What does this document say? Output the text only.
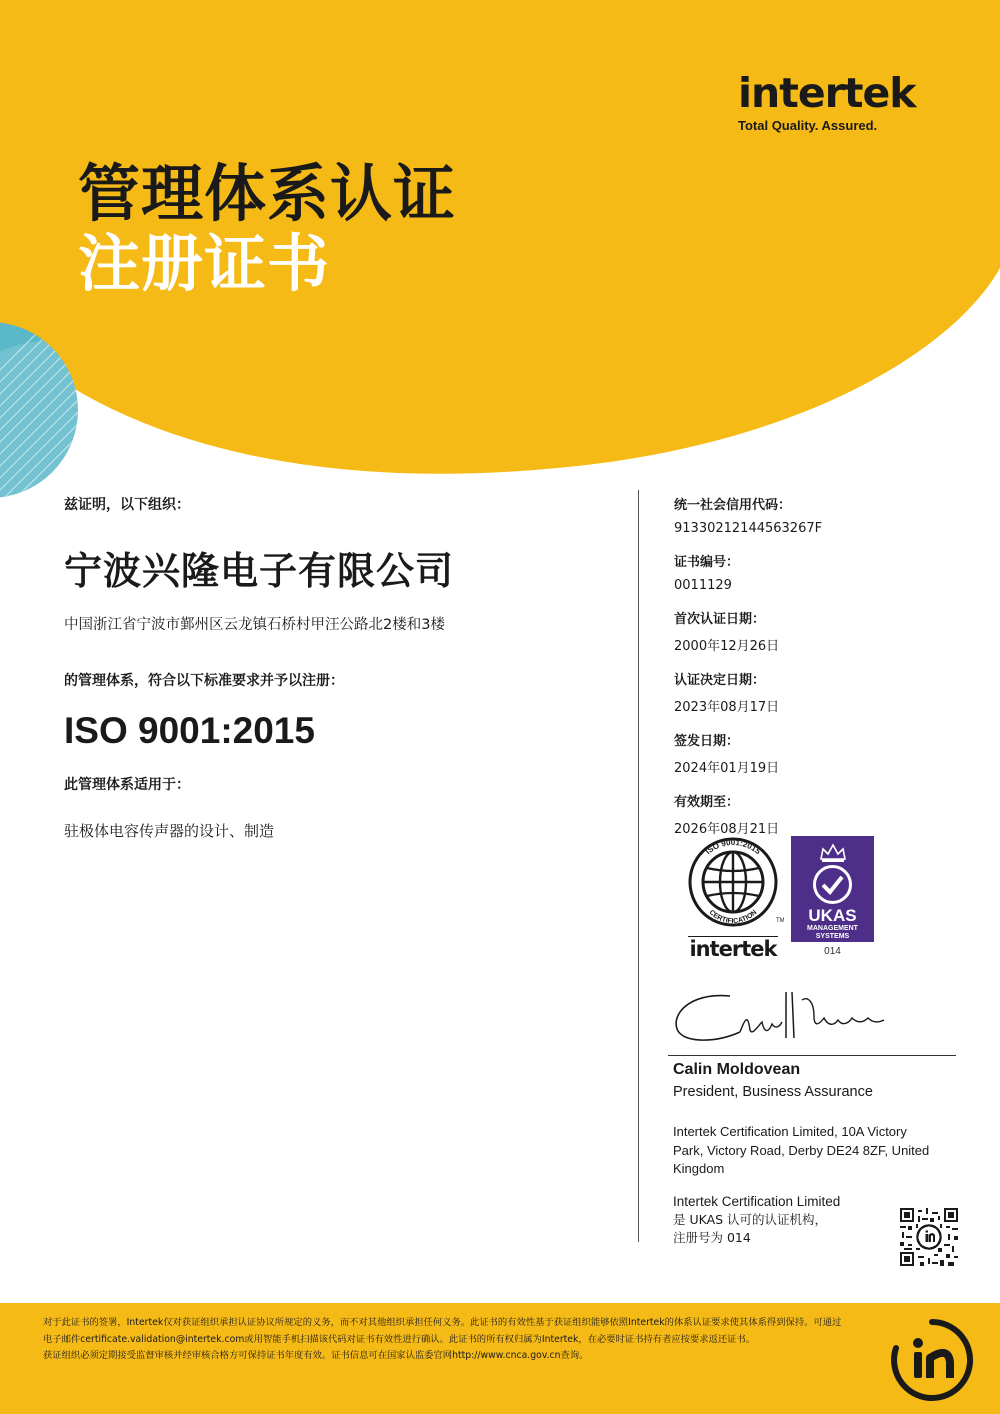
intertek
Total Quality. Assured.
管理体系认证
注册证书
兹证明，以下组织：
宁波兴隆电子有限公司
中国浙江省宁波市鄞州区云龙镇石桥村甲汪公路北2楼和3楼
的管理体系，符合以下标准要求并予以注册：
ISO 9001:2015
此管理体系适用于：
驻极体电容传声器的设计、制造
统一社会信用代码：
91330212144563267F
证书编号：
0011129
首次认证日期：
2000年12月26日
认证决定日期：
2023年08月17日
签发日期：
2024年01月19日
有效期至：
2026年08月21日
ISO 9001:2015
CERTIFICATION
TM
intertek
UKAS
MANAGEMENT
SYSTEMS
014
Calin Moldovean
President, Business Assurance
Intertek Certification Limited, 10A Victory Park, Victory Road, Derby DE24 8ZF, United Kingdom
Intertek Certification Limited
是 UKAS 认可的认证机构，
注册号为 014

对于此证书的签署，Intertek仅对获证组织承担认证协议所规定的义务，而不对其他组织承担任何义务。此证书的有效性基于获证组织能够依照Intertek的体系认证要求使其体系得到保持。可通过电子邮件certificate.validation@intertek.com或用智能手机扫描该代码对证书有效性进行确认。此证书的所有权归属为Intertek，在必要时证书持有者应按要求返还证书。

获证组织必须定期接受监督审核并经审核合格方可保持证书年度有效。证书信息可在国家认监委官网http://www.cnca.gov.cn查询。
